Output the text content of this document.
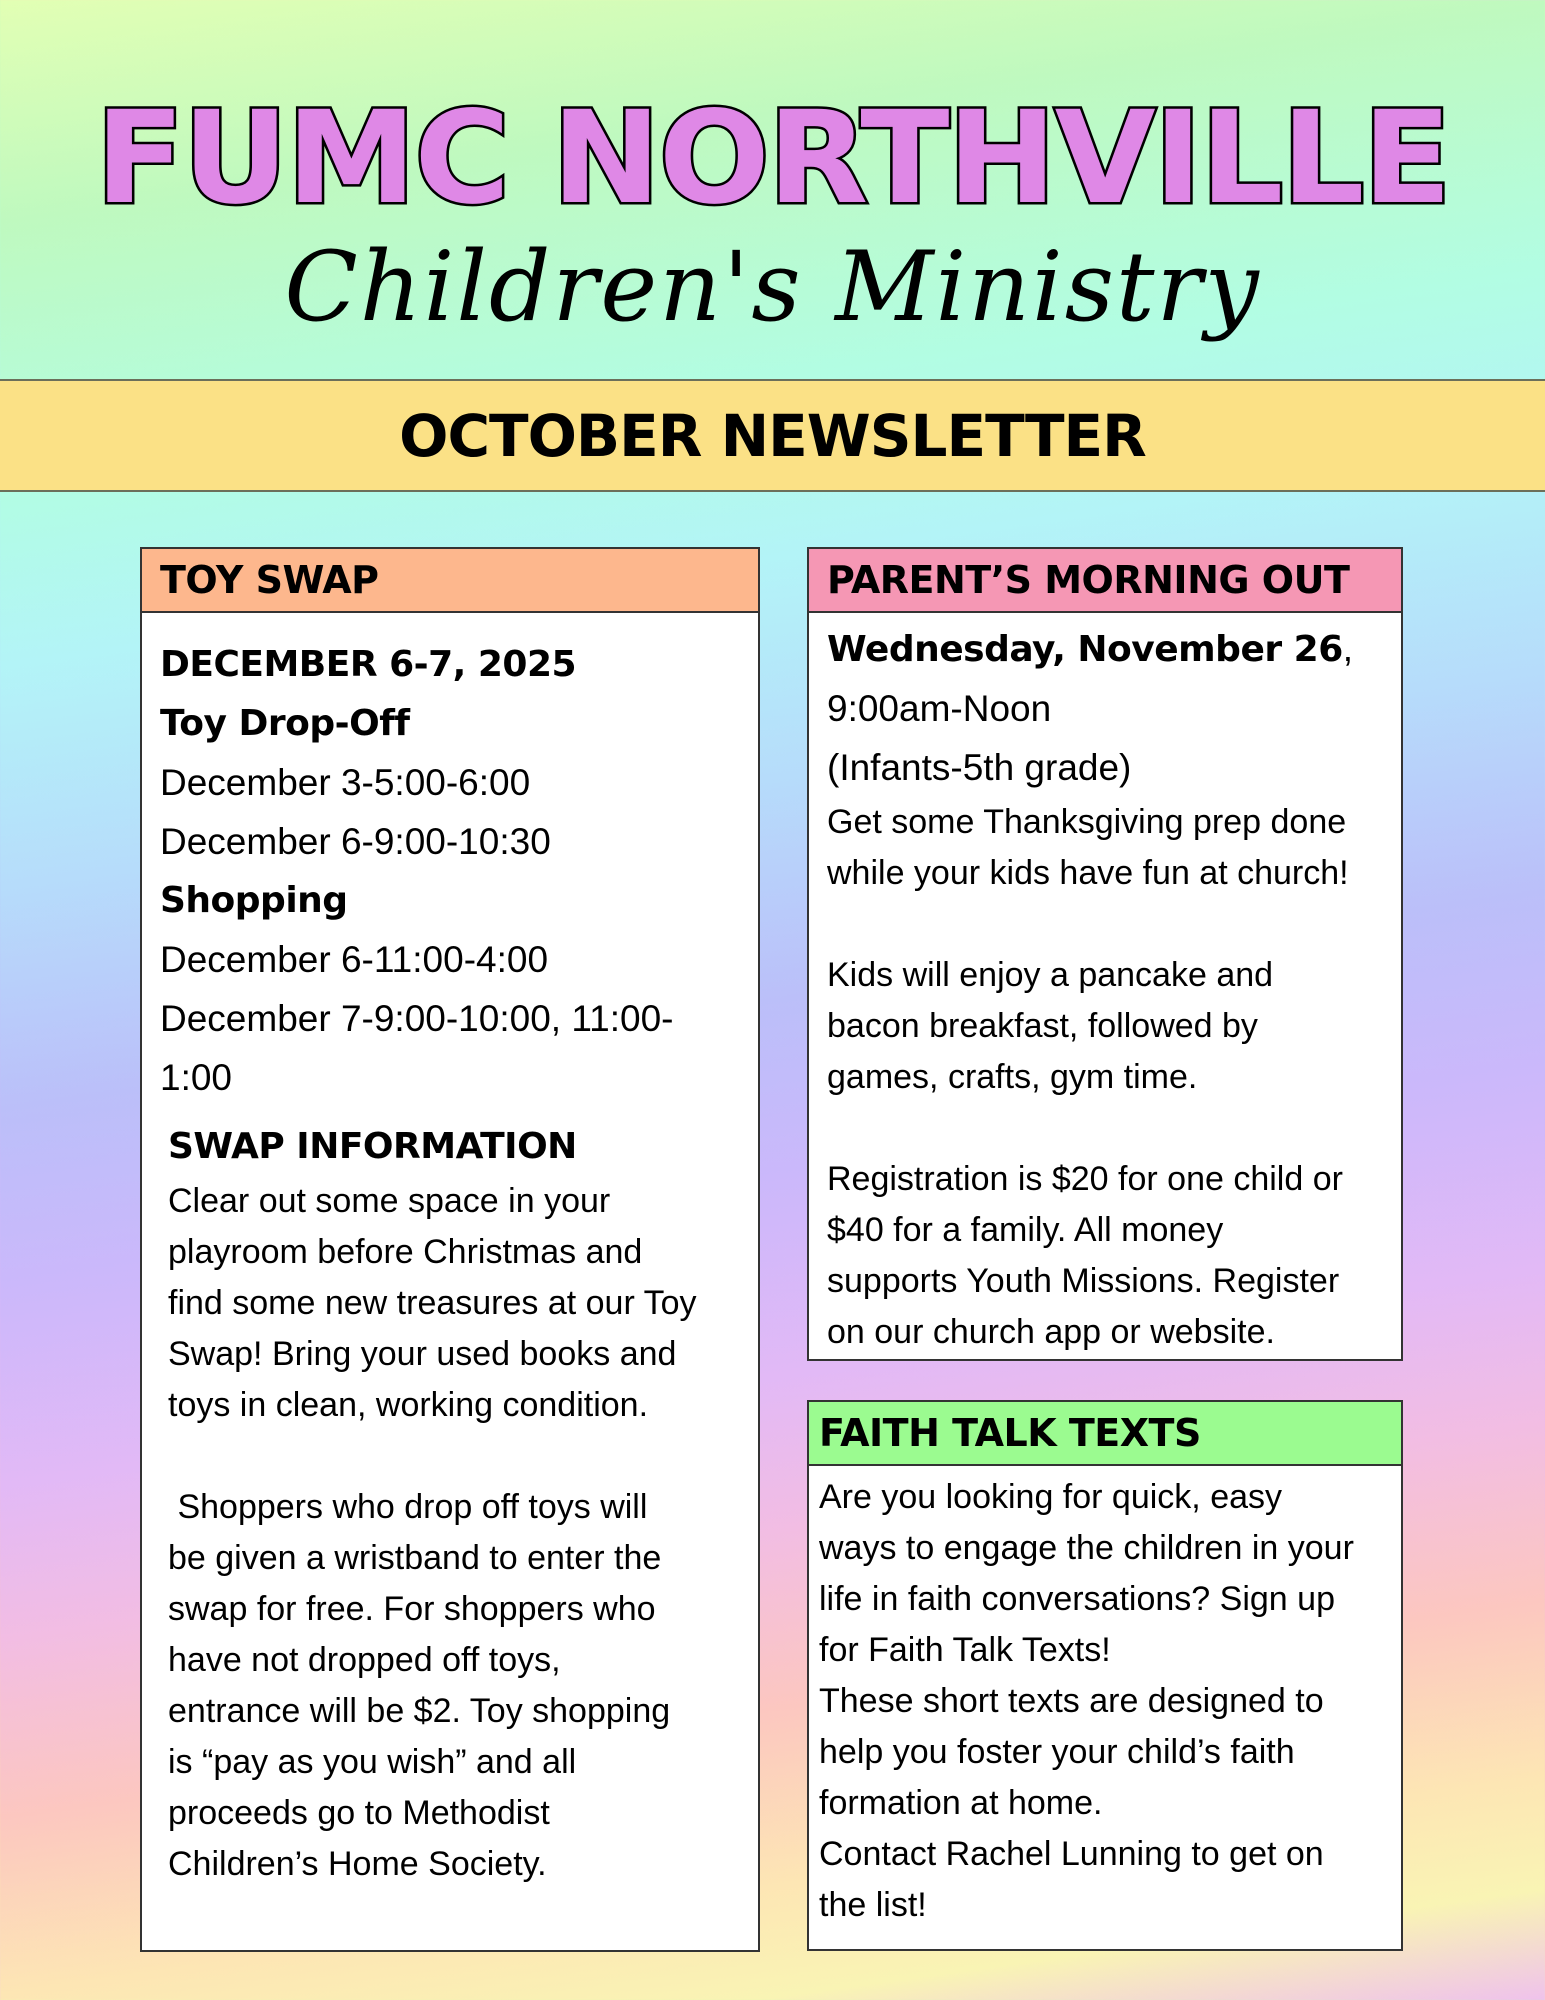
FUMC NORTHVILLE
Children's Ministry
OCTOBER NEWSLETTER
TOY SWAP
DECEMBER 6-7, 2025
Toy Drop-Off
December 3-5:00-6:00
December 6-9:00-10:30
Shopping
December 6-11:00-4:00
December 7-9:00-10:00, 11:00-
1:00
SWAP INFORMATION
Clear out some space in your
playroom before Christmas and
find some new treasures at our Toy
Swap! Bring your used books and
toys in clean, working condition.
Shoppers who drop off toys will
be given a wristband to enter the
swap for free. For shoppers who
have not dropped off toys,
entrance will be $2. Toy shopping
is “pay as you wish” and all
proceeds go to Methodist
Children’s Home Society.
PARENT’S MORNING OUT
Wednesday, November 26,
9:00am-Noon
(Infants-5th grade)
Get some Thanksgiving prep done
while your kids have fun at church!
Kids will enjoy a pancake and
bacon breakfast, followed by
games, crafts, gym time.
Registration is $20 for one child or
$40 for a family. All money
supports Youth Missions. Register
on our church app or website.
FAITH TALK TEXTS
Are you looking for quick, easy
ways to engage the children in your
life in faith conversations? Sign up
for Faith Talk Texts!
These short texts are designed to
help you foster your child’s faith
formation at home.
Contact Rachel Lunning to get on
the list!
